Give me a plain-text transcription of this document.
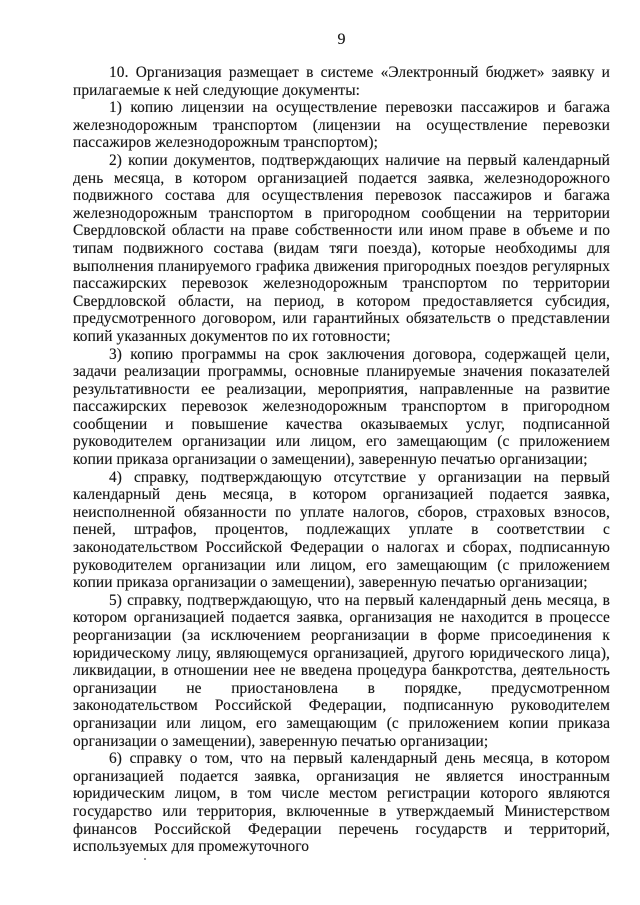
9

10. Организация размещает в системе «Электронный бюджет» заявку и прилагаемые к ней следующие документы:

1) копию лицензии на осуществление перевозки пассажиров и багажа железнодорожным транспортом (лицензии на осуществление перевозки пассажиров железнодорожным транспортом);

2) копии документов, подтверждающих наличие на первый календарный день месяца, в котором организацией подается заявка, железнодорожного подвижного состава для осуществления перевозок пассажиров и багажа железнодорожным транспортом в пригородном сообщении на территории Свердловской области на праве собственности или ином праве в объеме и по типам подвижного состава (видам тяги поезда), которые необходимы для выполнения планируемого графика движения пригородных поездов регулярных пассажирских перевозок железнодорожным транспортом по территории Свердловской области, на период, в котором предоставляется субсидия, предусмотренного договором, или гарантийных обязательств о представлении копий указанных документов по их готовности;

3) копию программы на срок заключения договора, содержащей цели, задачи реализации программы, основные планируемые значения показателей результативности ее реализации, мероприятия, направленные на развитие пассажирских перевозок железнодорожным транспортом в пригородном сообщении и повышение качества оказываемых услуг, подписанной руководителем организации или лицом, его замещающим (с приложением копии приказа организации о замещении), заверенную печатью организации;

4) справку, подтверждающую отсутствие у организации на первый календарный день месяца, в котором организацией подается заявка, неисполненной обязанности по уплате налогов, сборов, страховых взносов, пеней, штрафов, процентов, подлежащих уплате в соответствии с законодательством Российской Федерации о налогах и сборах, подписанную руководителем организации или лицом, его замещающим (с приложением копии приказа организации о замещении), заверенную печатью организации;

5) справку, подтверждающую, что на первый календарный день месяца, в котором организацией подается заявка, организация не находится в процессе реорганизации (за исключением реорганизации в форме присоединения к юридическому лицу, являющемуся организацией, другого юридического лица), ликвидации, в отношении нее не введена процедура банкротства, деятельность организации не приостановлена в порядке, предусмотренном законодательством Российской Федерации, подписанную руководителем организации или лицом, его замещающим (с приложением копии приказа организации о замещении), заверенную печатью организации;

6) справку о том, что на первый календарный день месяца, в котором организацией подается заявка, организация не является иностранным юридическим лицом, в том числе местом регистрации которого являются государство или территория, включенные в утверждаемый Министерством финансов Российской Федерации перечень государств и территорий, используемых для промежуточного
